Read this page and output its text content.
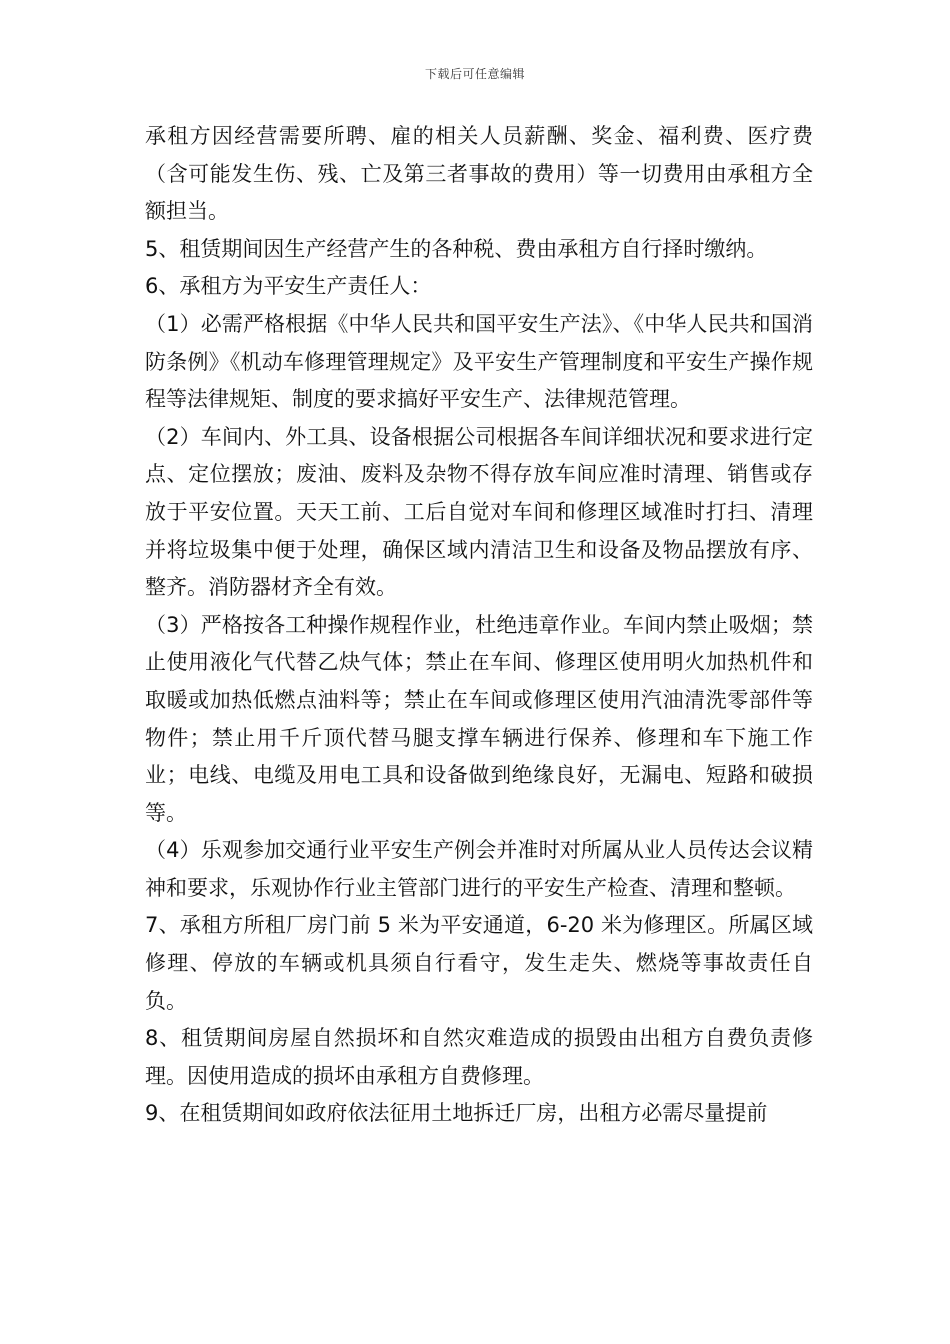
下载后可任意编辑

承租方因经营需要所聘、雇的相关人员薪酬、奖金、福利费、医疗费（含可能发生伤、残、亡及第三者事故的费用）等一切费用由承租方全额担当。

5、租赁期间因生产经营产生的各种税、费由承租方自行择时缴纳。

6、承租方为平安生产责任人：

（1）必需严格根据《中华人民共和国平安生产法》、《中华人民共和国消防条例》《机动车修理管理规定》及平安生产管理制度和平安生产操作规程等法律规矩、制度的要求搞好平安生产、法律规范管理。

（2）车间内、外工具、设备根据公司根据各车间详细状况和要求进行定点、定位摆放；废油、废料及杂物不得存放车间应准时清理、销售或存放于平安位置。天天工前、工后自觉对车间和修理区域准时打扫、清理并将垃圾集中便于处理，确保区域内清洁卫生和设备及物品摆放有序、整齐。消防器材齐全有效。

（3）严格按各工种操作规程作业，杜绝违章作业。车间内禁止吸烟；禁止使用液化气代替乙炔气体；禁止在车间、修理区使用明火加热机件和取暖或加热低燃点油料等；禁止在车间或修理区使用汽油清洗零部件等物件；禁止用千斤顶代替马腿支撑车辆进行保养、修理和车下施工作业；电线、电缆及用电工具和设备做到绝缘良好，无漏电、短路和破损等。

（4）乐观参加交通行业平安生产例会并准时对所属从业人员传达会议精神和要求，乐观协作行业主管部门进行的平安生产检查、清理和整顿。

7、承租方所租厂房门前 5 米为平安通道，6-20 米为修理区。所属区域修理、停放的车辆或机具须自行看守，发生走失、燃烧等事故责任自负。

8、租赁期间房屋自然损坏和自然灾难造成的损毁由出租方自费负责修理。因使用造成的损坏由承租方自费修理。

9、在租赁期间如政府依法征用土地拆迁厂房，出租方必需尽量提前
